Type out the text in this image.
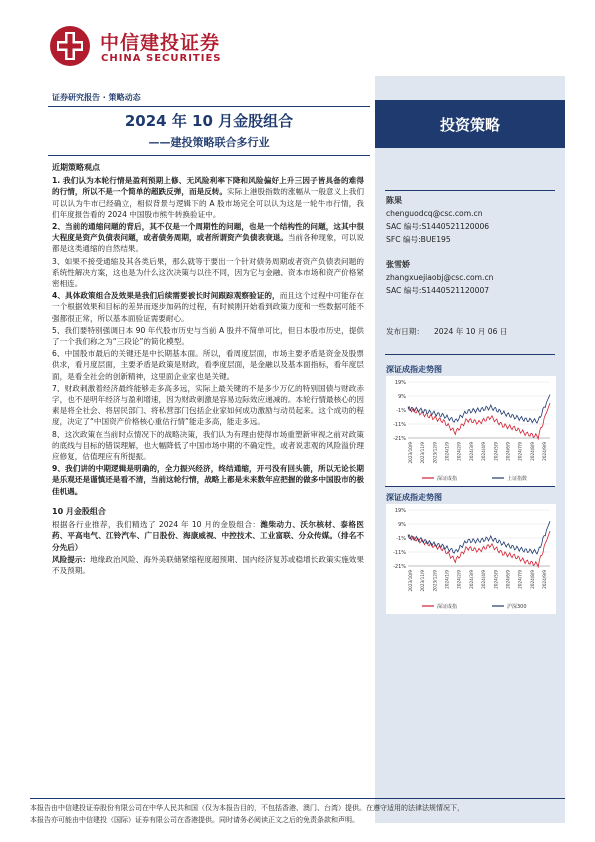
中信建投证券
CHINA SECURITIES
证券研究报告 · 策略动态
2024 年 10 月金股组合
——建投策略联合多行业
近期策略观点
1. 我们认为本轮行情是盈利预期上修、无风险利率下降和风险偏好上升三因子皆具备的难得的行情，所以不是一个简单的超跌反弹，而是反转。实际上港股指数的涨幅从一般意义上我们可以认为牛市已经确立，相似背景与逻辑下的 A 股市场完全可以认为这是一轮牛市行情，我们年度报告看的 2024 中国股市熊牛转换验证中。
2、当前的通缩问题的背后，其不仅是一个周期性的问题，也是一个结构性的问题，这其中很大程度是资产负债表问题，或者债务周期，或者所谓资产负债表衰退。当前各种现象，可以说都是这类通缩的自然结果。
3、如果不接受通缩及其各类后果，那么就等于要出一个针对债务周期或者资产负债表问题的系统性解决方案，这也是为什么这次决策与以往不同，因为它与金融、资本市场和资产价格紧密相连。
4、具体政策组合及效果是我们后续需要被长时间跟踪观察验证的，而且这个过程中可能存在一个根据效果和目标的差异而逐步加码的过程，有时候刚开始看到政策力度和一些数据可能不强都很正常，所以基本面验证需要耐心。
5、我们要特别强调日本 90 年代股市历史与当前 A 股并不简单可比，但日本股市历史，提供了一个我们称之为“三段论”的简化模型。
6、中国股市最后的关键还是中长期基本面。所以，看周度层面，市场主要矛盾是资金及股票供求，看月度层面，主要矛盾是政策是财政，看季度层面，是金融以及基本面指标，看年度层面，是看全社会的创新精神，这里面企业家也是关键。
7、财政刺激着经济最终能够走多高多远，实际上最关键的不是多少万亿的特别国债与财政赤字，也不是明年经济与盈利增速，因为财政刺激是容易边际效应递减的。本轮行情最核心的因素是将全社会、将居民部门、将私营部门包括企业家如何成功激励与动员起来。这个成功的程度，决定了“中国资产价格核心重估行情”能走多高，能走多远。
8、这次政策在当前时点情况下的战略决策，我们认为有理由使得市场重塑新审视之前对政策的底线与目标的错误理解，也大幅降低了中国市场中期的不确定性，或者说悲观的风险溢价理应修复，估值理应有所提振。
9、我们讲的中期逻辑是明确的，全力振兴经济，终结通缩，开弓没有回头箭，所以无论长期是乐观还是谨慎还是看不清，当前这轮行情，战略上都是未来数年应把握的做多中国股市的极佳机遇。
10 月金股组合
根据各行业推荐，我们精选了 2024 年 10 月的金股组合：潍柴动力、沃尔核材、泰格医药、平高电气、江铃汽车、广日股份、海康威视、中控技术、工业富联、分众传媒。（排名不分先后）
风险提示：地缘政治风险、海外美联储紧缩程度超预期、国内经济复苏或稳增长政策实施效果不及预期。
投资策略
陈果
chenguodcq@csc.com.cn
SAC 编号:S1440521120006
SFC 编号:BUE195
张雪娇
zhangxuejiaobj@csc.com.cn
SAC 编号:S1440521120007
发布日期： 2024 年 10 月 06 日
深证成指走势图
19%
9%
-1%
-11%
-21%
2023/10/9 2023/11/9 2023/12/9 2024/1/9 2024/2/9 2024/3/9 2024/4/9 2024/5/9 2024/6/9 2024/7/9 2024/8/9 2024/9/9
深证成指	上证指数
深证成指走势图
19%
9%
-1%
-11%
-21%
2023/10/9 2023/11/9 2023/12/9 2024/1/9 2024/2/9 2024/3/9 2024/4/9 2024/5/9 2024/6/9 2024/7/9 2024/8/9 2024/9/9
深证成指	沪深300
本报告由中信建投证券股份有限公司在中华人民共和国（仅为本报告目的，不包括香港、澳门、台湾）提供。在遵守适用的法律法规情况下，
本报告亦可能由中信建投（国际）证券有限公司在香港提供。同时请务必阅读正文之后的免责条款和声明。
